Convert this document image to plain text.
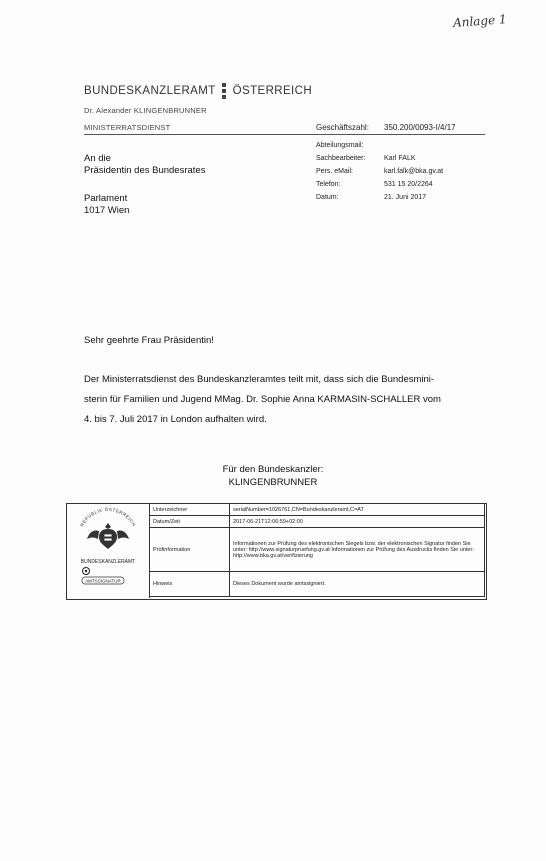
Anlage 1
BUNDESKANZLERAMT ÖSTERREICH
Dr. Alexander KLINGENBRUNNER
MINISTERRATSDIENST	Geschäftszahl: 350.200/0093-I/4/17
Abteilungsmail:
Sachbearbeiter:	Karl FALK
Pers. eMail:	karl.falk@bka.gv.at
Telefon:	531 15 20/2264
Datum:	21. Juni 2017
An die
Präsidentin des Bundesrates
Parlament
1017 Wien
Sehr geehrte Frau Präsidentin!
Der Ministerratsdienst des Bundeskanzleramtes teilt mit, dass sich die Bundesmini-
sterin für Familien und Jugend MMag. Dr. Sophie Anna KARMASIN-SCHALLER vom
4. bis 7. Juli 2017 in London aufhalten wird.
Für den Bundeskanzler:
KLINGENBRUNNER
REPUBLIK ÖSTERREICH
BUNDESKANZLERAMT
AMTSSIGNATUR
Unterzeichner	serialNumber=1026761,CN=Bundeskanzleramt,C=AT
Datum/Zeit	2017-06-21T12:06:59+02:00
Prüfinformation	Informationen zur Prüfung des elektronischen Siegels bzw. der elektronischen Signatur finden Sie unter: http://www.signaturpruefung.gv.at Informationen zur Prüfung des Ausdrucks finden Sie unter: http://www.bka.gv.at/verifizierung
Hinweis	Dieses Dokument wurde amtssigniert.
